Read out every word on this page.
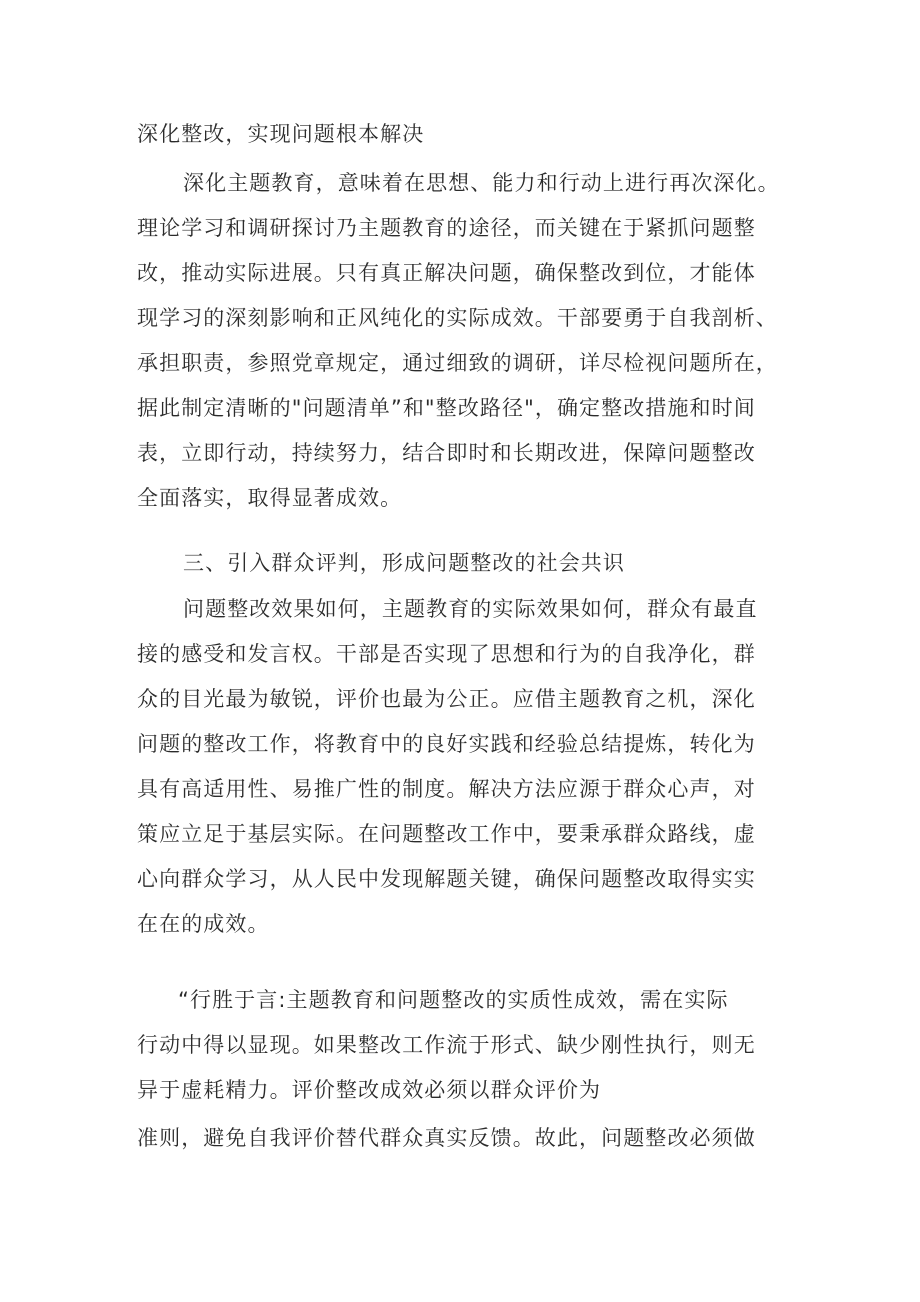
深化整改，实现问题根本解决
深化主题教育，意味着在思想、能力和行动上进行再次深化。
理论学习和调研探讨乃主题教育的途径，而关键在于紧抓问题整
改，推动实际进展。只有真正解决问题，确保整改到位，才能体
现学习的深刻影响和正风纯化的实际成效。干部要勇于自我剖析、
承担职责，参照党章规定，通过细致的调研，详尽检视问题所在，
据此制定清晰的"问题清单”和"整改路径"，确定整改措施和时间
表，立即行动，持续努力，结合即时和长期改进，保障问题整改
全面落实，取得显著成效。
三、引入群众评判，形成问题整改的社会共识
问题整改效果如何，主题教育的实际效果如何，群众有最直
接的感受和发言权。干部是否实现了思想和行为的自我净化，群
众的目光最为敏锐，评价也最为公正。应借主题教育之机，深化
问题的整改工作，将教育中的良好实践和经验总结提炼，转化为
具有高适用性、易推广性的制度。解决方法应源于群众心声，对
策应立足于基层实际。在问题整改工作中，要秉承群众路线，虚
心向群众学习，从人民中发现解题关键，确保问题整改取得实实
在在的成效。
“行胜于言:主题教育和问题整改的实质性成效，需在实际
行动中得以显现。如果整改工作流于形式、缺少刚性执行，则无
异于虚耗精力。评价整改成效必须以群众评价为
准则，避免自我评价替代群众真实反馈。故此，问题整改必须做
